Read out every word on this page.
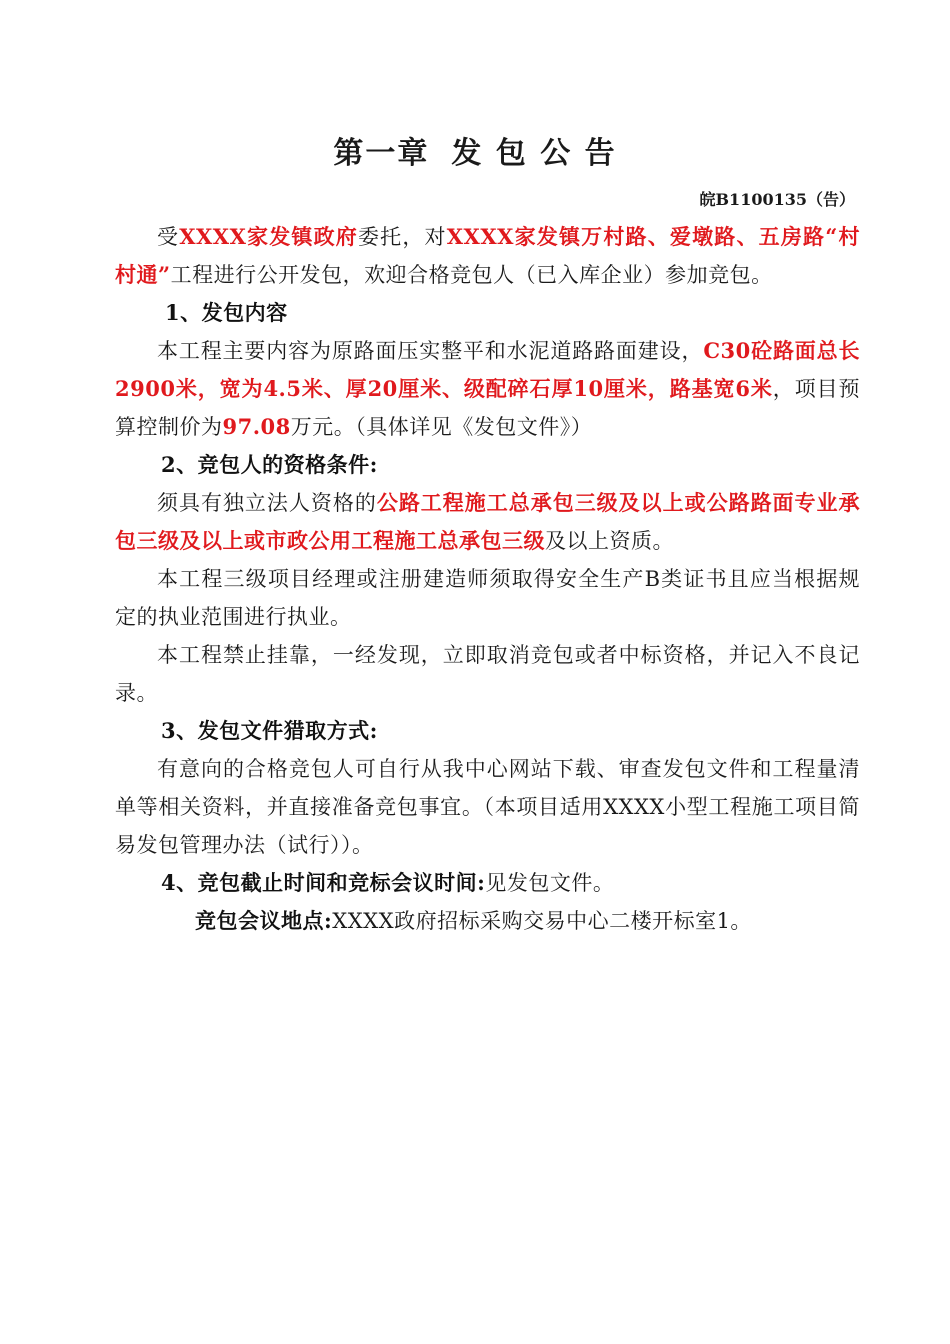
第一章 发 包 公 告
皖B1100135（告）

受XXXX家发镇政府委托，对XXXX家发镇万村路、爱墩路、五房路“村村通”工程进行公开发包，欢迎合格竞包人（已入库企业）参加竞包。

1、发包内容

本工程主要内容为原路面压实整平和水泥道路路面建设，C30砼路面总长2900米，宽为4.5米、厚20厘米、级配碎石厚10厘米，路基宽6米，项目预算控制价为97.08万元。（具体详见《发包文件》）

2、竞包人的资格条件:

须具有独立法人资格的公路工程施工总承包三级及以上或公路路面专业承包三级及以上或市政公用工程施工总承包三级及以上资质。

本工程三级项目经理或注册建造师须取得安全生产B类证书且应当根据规定的执业范围进行执业。

本工程禁止挂靠，一经发现，立即取消竞包或者中标资格，并记入不良记录。

3、发包文件猎取方式:

有意向的合格竞包人可自行从我中心网站下载、审查发包文件和工程量清单等相关资料，并直接准备竞包事宜。（本项目适用XXXX小型工程施工项目简易发包管理办法（试行））。

4、竞包截止时间和竞标会议时间:见发包文件。

竞包会议地点:XXXX政府招标采购交易中心二楼开标室1。
